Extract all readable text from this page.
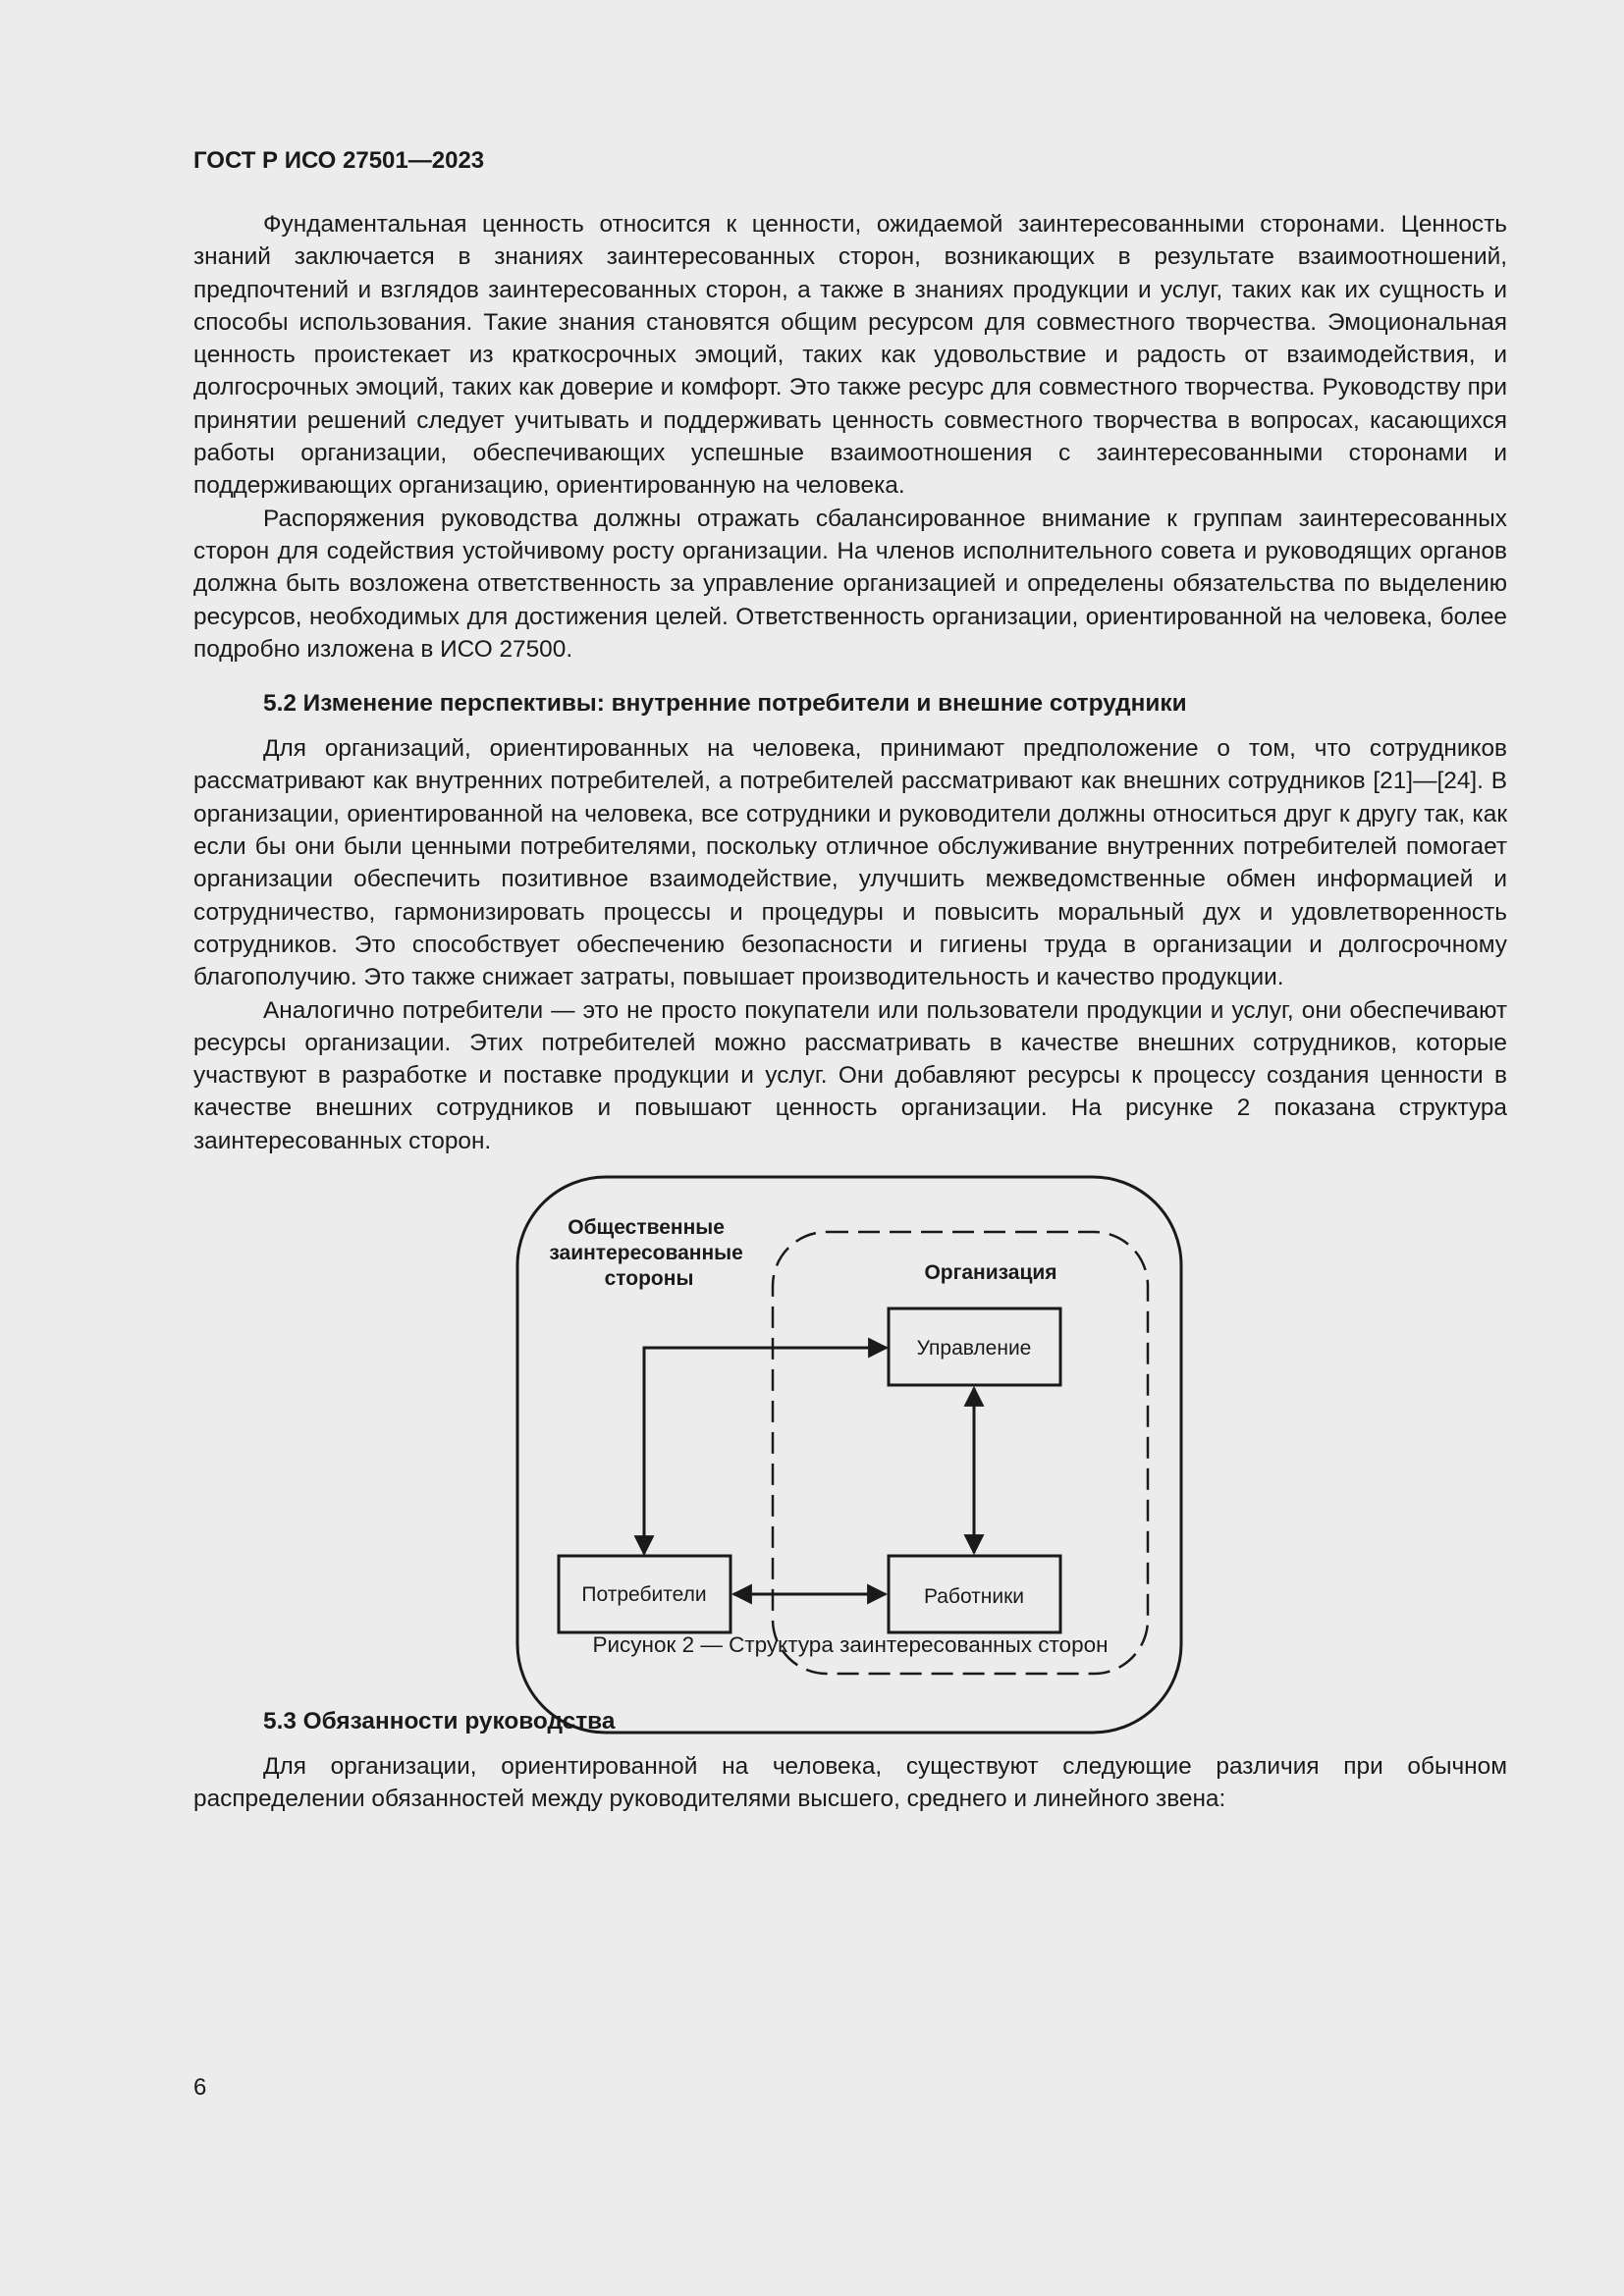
ГОСТ Р ИСО 27501—2023

Фундаментальная ценность относится к ценности, ожидаемой заинтересованными сторонами. Ценность знаний заключается в знаниях заинтересованных сторон, возникающих в результате взаимоотношений, предпочтений и взглядов заинтересованных сторон, а также в знаниях продукции и услуг, таких как их сущность и способы использования. Такие знания становятся общим ресурсом для совместного творчества. Эмоциональная ценность проистекает из краткосрочных эмоций, таких как удовольствие и радость от взаимодействия, и долгосрочных эмоций, таких как доверие и комфорт. Это также ресурс для совместного творчества. Руководству при принятии решений следует учитывать и поддерживать ценность совместного творчества в вопросах, касающихся работы организации, обеспечивающих успешные взаимоотношения с заинтересованными сторонами и поддерживающих организацию, ориентированную на человека.

Распоряжения руководства должны отражать сбалансированное внимание к группам заинтересованных сторон для содействия устойчивому росту организации. На членов исполнительного совета и руководящих органов должна быть возложена ответственность за управление организацией и определены обязательства по выделению ресурсов, необходимых для достижения целей. Ответственность организации, ориентированной на человека, более подробно изложена в ИСО 27500.

5.2 Изменение перспективы: внутренние потребители и внешние сотрудники

Для организаций, ориентированных на человека, принимают предположение о том, что сотрудников рассматривают как внутренних потребителей, а потребителей рассматривают как внешних сотрудников [21]—[24]. В организации, ориентированной на человека, все сотрудники и руководители должны относиться друг к другу так, как если бы они были ценными потребителями, поскольку отличное обслуживание внутренних потребителей помогает организации обеспечить позитивное взаимодействие, улучшить межведомственные обмен информацией и сотрудничество, гармонизировать процессы и процедуры и повысить моральный дух и удовлетворенность сотрудников. Это способствует обеспечению безопасности и гигиены труда в организации и долгосрочному благополучию. Это также снижает затраты, повышает производительность и качество продукции.

Аналогично потребители — это не просто покупатели или пользователи продукции и услуг, они обеспечивают ресурсы организации. Этих потребителей можно рассматривать в качестве внешних сотрудников, которые участвуют в разработке и поставке продукции и услуг. Они добавляют ресурсы к процессу создания ценности в качестве внешних сотрудников и повышают ценность организации. На рисунке 2 показана структура заинтересованных сторон.

Общественные заинтересованные стороны	Организация
Управление
Потребители	Работники
Рисунок 2 — Структура заинтересованных сторон
5.3 Обязанности руководства

Для организации, ориентированной на человека, существуют следующие различия при обычном распределении обязанностей между руководителями высшего, среднего и линейного звена:

6
